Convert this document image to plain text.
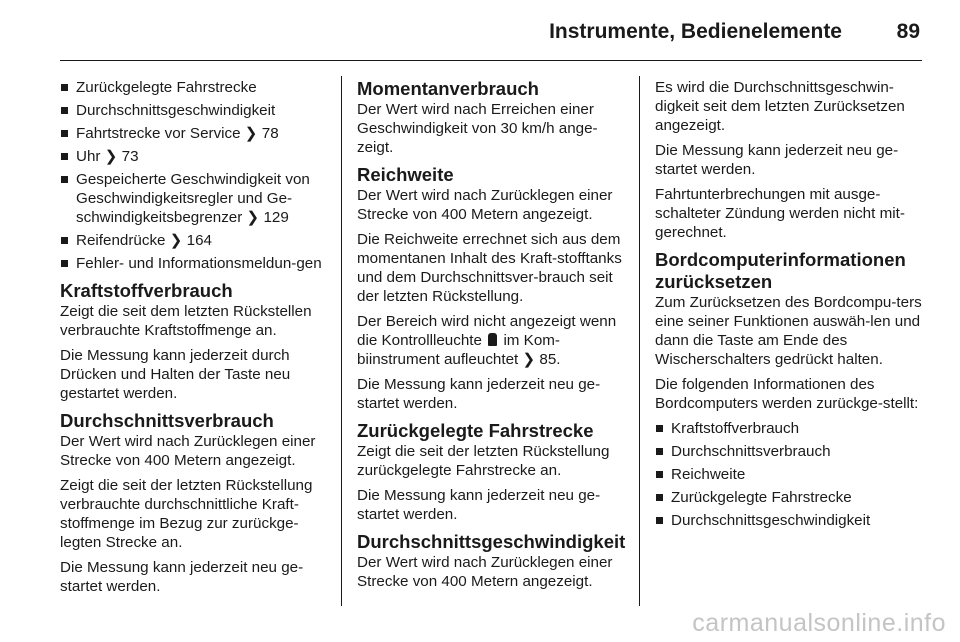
Instrumente, Bedienelemente	89
Zurückgelegte Fahrstrecke
Durchschnittsgeschwindigkeit
Fahrtstrecke vor Service ❯ 78
Uhr ❯ 73
Gespeicherte Geschwindigkeit von Geschwindigkeitsregler und Ge-schwindigkeitsbegrenzer ❯ 129
Reifendrücke ❯ 164
Fehler- und Informationsmeldun-gen
Kraftstoffverbrauch

Zeigt die seit dem letzten Rückstellen verbrauchte Kraftstoffmenge an.

Die Messung kann jederzeit durch Drücken und Halten der Taste neu gestartet werden.

Durchschnittsverbrauch

Der Wert wird nach Zurücklegen einer Strecke von 400 Metern angezeigt.

Zeigt die seit der letzten Rückstellung verbrauchte durchschnittliche Kraft-stoffmenge im Bezug zur zurückge-legten Strecke an.

Die Messung kann jederzeit neu ge-startet werden.

Momentanverbrauch

Der Wert wird nach Erreichen einer Geschwindigkeit von 30 km/h ange-zeigt.

Reichweite

Der Wert wird nach Zurücklegen einer Strecke von 400 Metern angezeigt.

Die Reichweite errechnet sich aus dem momentanen Inhalt des Kraft-stofftanks und dem Durchschnittsver-brauch seit der letzten Rückstellung.

Der Bereich wird nicht angezeigt wenn die Kontrollleuchte im Kom-biinstrument aufleuchtet ❯ 85.

Die Messung kann jederzeit neu ge-startet werden.

Zurückgelegte Fahrstrecke

Zeigt die seit der letzten Rückstellung zurückgelegte Fahrstrecke an.

Die Messung kann jederzeit neu ge-startet werden.

Durchschnittsgeschwindigkeit

Der Wert wird nach Zurücklegen einer Strecke von 400 Metern angezeigt.

Es wird die Durchschnittsgeschwin-digkeit seit dem letzten Zurücksetzen angezeigt.

Die Messung kann jederzeit neu ge-startet werden.

Fahrtunterbrechungen mit ausge-schalteter Zündung werden nicht mit-gerechnet.

Bordcomputerinformationen zurücksetzen

Zum Zurücksetzen des Bordcompu-ters eine seiner Funktionen auswäh-len und dann die Taste am Ende des Wischerschalters gedrückt halten.

Die folgenden Informationen des Bordcomputers werden zurückge-stellt:

Kraftstoffverbrauch
Durchschnittsverbrauch
Reichweite
Zurückgelegte Fahrstrecke
Durchschnittsgeschwindigkeit
carmanualsonline.info
